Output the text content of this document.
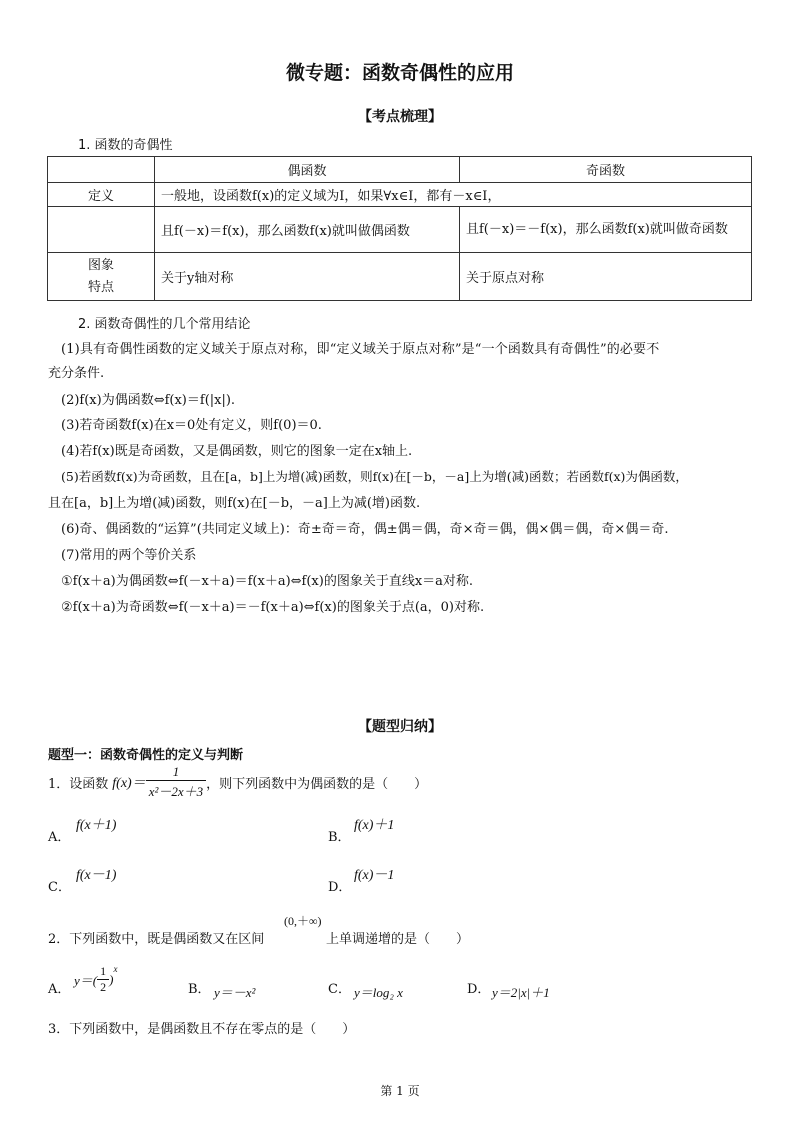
微专题：函数奇偶性的应用
【考点梳理】
1. 函数的奇偶性
	偶函数	奇函数
定义	一般地，设函数f(x)的定义域为I，如果∀x∈I，都有－x∈I，	
	且f(－x)＝f(x)，那么函数f(x)就叫做偶函数	且f(－x)＝－f(x)，那么函数f(x)就叫做奇函数

图象
特点	关于y轴对称	关于原点对称
2. 函数奇偶性的几个常用结论
(1)具有奇偶性函数的定义域关于原点对称，即“定义域关于原点对称”是“一个函数具有奇偶性”的必要不
充分条件.
(2)f(x)为偶函数⇔f(x)＝f(|x|).
(3)若奇函数f(x)在x＝0处有定义，则f(0)＝0.
(4)若f(x)既是奇函数，又是偶函数，则它的图象一定在x轴上.
(5)若函数f(x)为奇函数，且在[a，b]上为增(减)函数，则f(x)在[－b，－a]上为增(减)函数；若函数f(x)为偶函数，
且在[a，b]上为增(减)函数，则f(x)在[－b，－a]上为减(增)函数.
(6)奇、偶函数的“运算”(共同定义域上)：奇±奇＝奇，偶±偶＝偶，奇×奇＝偶，偶×偶＝偶，奇×偶＝奇.
(7)常用的两个等价关系
①f(x＋a)为偶函数⇔f(－x＋a)＝f(x＋a)⇔f(x)的图象关于直线x＝a对称.
②f(x＋a)为奇函数⇔f(－x＋a)＝－f(x＋a)⇔f(x)的图象关于点(a，0)对称.
【题型归纳】
题型一：函数奇偶性的定义与判断
1．设函数 $f(x)= \frac{1}{\text{x²－2x＋3}}$ ，则下列函数中为偶函数的是（　　）
A．
f(x＋1)
B．
f(x)＋1
C．
f(x－1)
D．
f(x)－1
2．下列函数中，既是偶函数又在区间
(0,＋∞)
上单调递增的是（　　）
A．
$y=( \frac{1}{2}$ )
$^x$
B． y＝－x²	C． y＝log₂ x	D． y＝2|x|＋1
3．下列函数中，是偶函数且不存在零点的是（　　）
第 1 页
